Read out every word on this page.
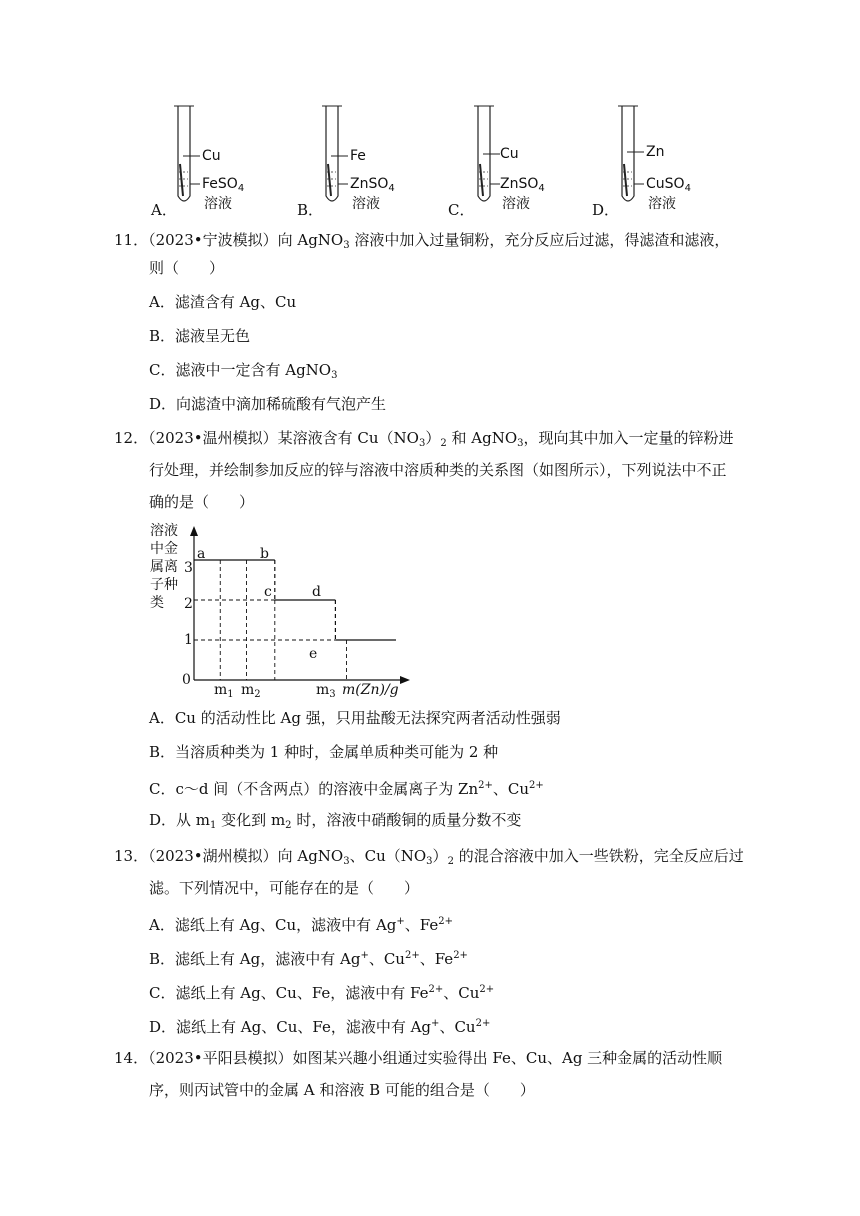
Cu
FeSO$_4$
溶液
A．
Fe
ZnSO$_4$
溶液
B．
Cu
ZnSO$_4$
溶液
C．
Zn
CuSO$_4$
溶液
D．
11．（2023•宁波模拟）向 AgNO$_3$ 溶液中加入过量铜粉，充分反应后过滤，得滤渣和滤液，
则（　　）
A．滤渣含有 Ag、Cu
B．滤液呈无色
C．滤液中一定含有 AgNO$_3$
D．向滤渣中滴加稀硫酸有气泡产生
12．（2023•温州模拟）某溶液含有 $Cu(NO_3)_2$ 和 AgNO$_3$，现向其中加入一定量的锌粉进
行处理，并绘制参加反应的锌与溶液中溶质种类的关系图（如图所示），下列说法中不正
确的是（　　）
溶液
中金
属离
子种
类
0
m(Zn)/g
$m_1$ $m_2$	$m_3$
1
2
3
a	b
c	d
e
A．Cu 的活动性比 Ag 强，只用盐酸无法探究两者活动性强弱
B．当溶质种类为 1 种时，金属单质种类可能为 2 种
C．c～d 间（不含两点）的溶液中金属离子为 $Zn^{2+}$、$Cu^{2+}$
D．从 $m_1$ 变化到 $m_2$ 时，溶液中硝酸铜的质量分数不变
13．（2023•湖州模拟）向 AgNO$_3$、$Cu(NO_3)_2$ 的混合溶液中加入一些铁粉，完全反应后过
滤。下列情况中，可能存在的是（　　）
A．滤纸上有 Ag、Cu，滤液中有 Ag+、$Fe^{2+}$
B．滤纸上有 Ag，滤液中有 Ag+、$Cu^{2+}$、$Fe^{2+}$
C．滤纸上有 Ag、Cu、Fe，滤液中有 $Fe^{2+}$、$Cu^{2+}$
D．滤纸上有 Ag、Cu、Fe，滤液中有 Ag+、$Cu^{2+}$
14．（2023•平阳县模拟）如图某兴趣小组通过实验得出 Fe、Cu、Ag 三种金属的活动性顺
序，则丙试管中的金属 A 和溶液 B 可能的组合是（　　）
